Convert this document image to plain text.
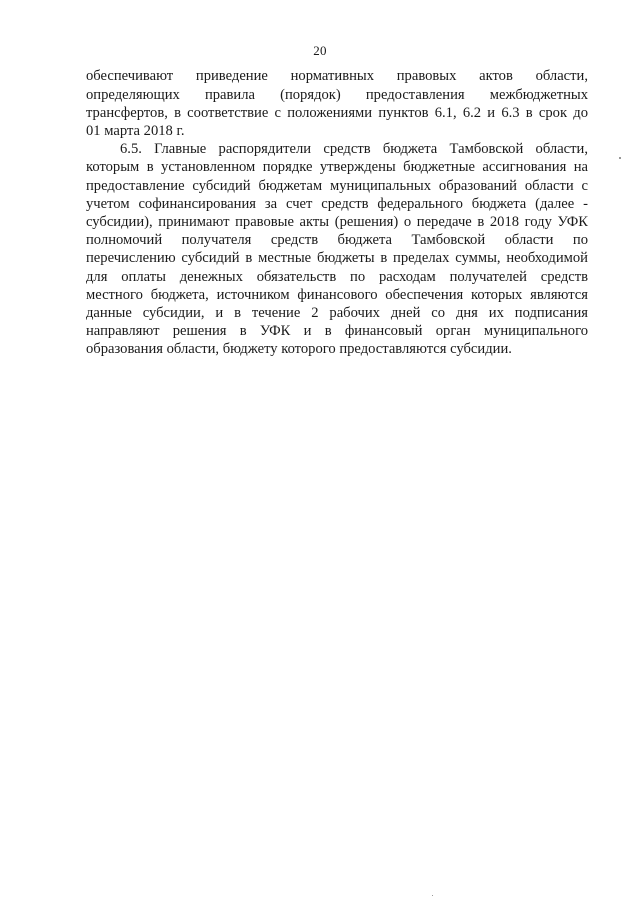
20
обеспечивают приведение нормативных правовых актов области,
определяющих правила (порядок) предоставления межбюджетных
трансфертов, в соответствие с положениями пунктов 6.1, 6.2 и 6.3 в срок до
01 марта 2018 г.
6.5. Главные распорядители средств бюджета Тамбовской области,
которым в установленном порядке утверждены бюджетные ассигнования на
предоставление субсидий бюджетам муниципальных образований области с
учетом софинансирования за счет средств федерального бюджета (далее -
субсидии), принимают правовые акты (решения) о передаче в 2018 году УФК
полномочий получателя средств бюджета Тамбовской области по
перечислению субсидий в местные бюджеты в пределах суммы, необходимой
для оплаты денежных обязательств по расходам получателей средств
местного бюджета, источником финансового обеспечения которых являются
данные субсидии, и в течение 2 рабочих дней со дня их подписания
направляют решения в УФК и в финансовый орган муниципального
образования области, бюджету которого предоставляются субсидии.
